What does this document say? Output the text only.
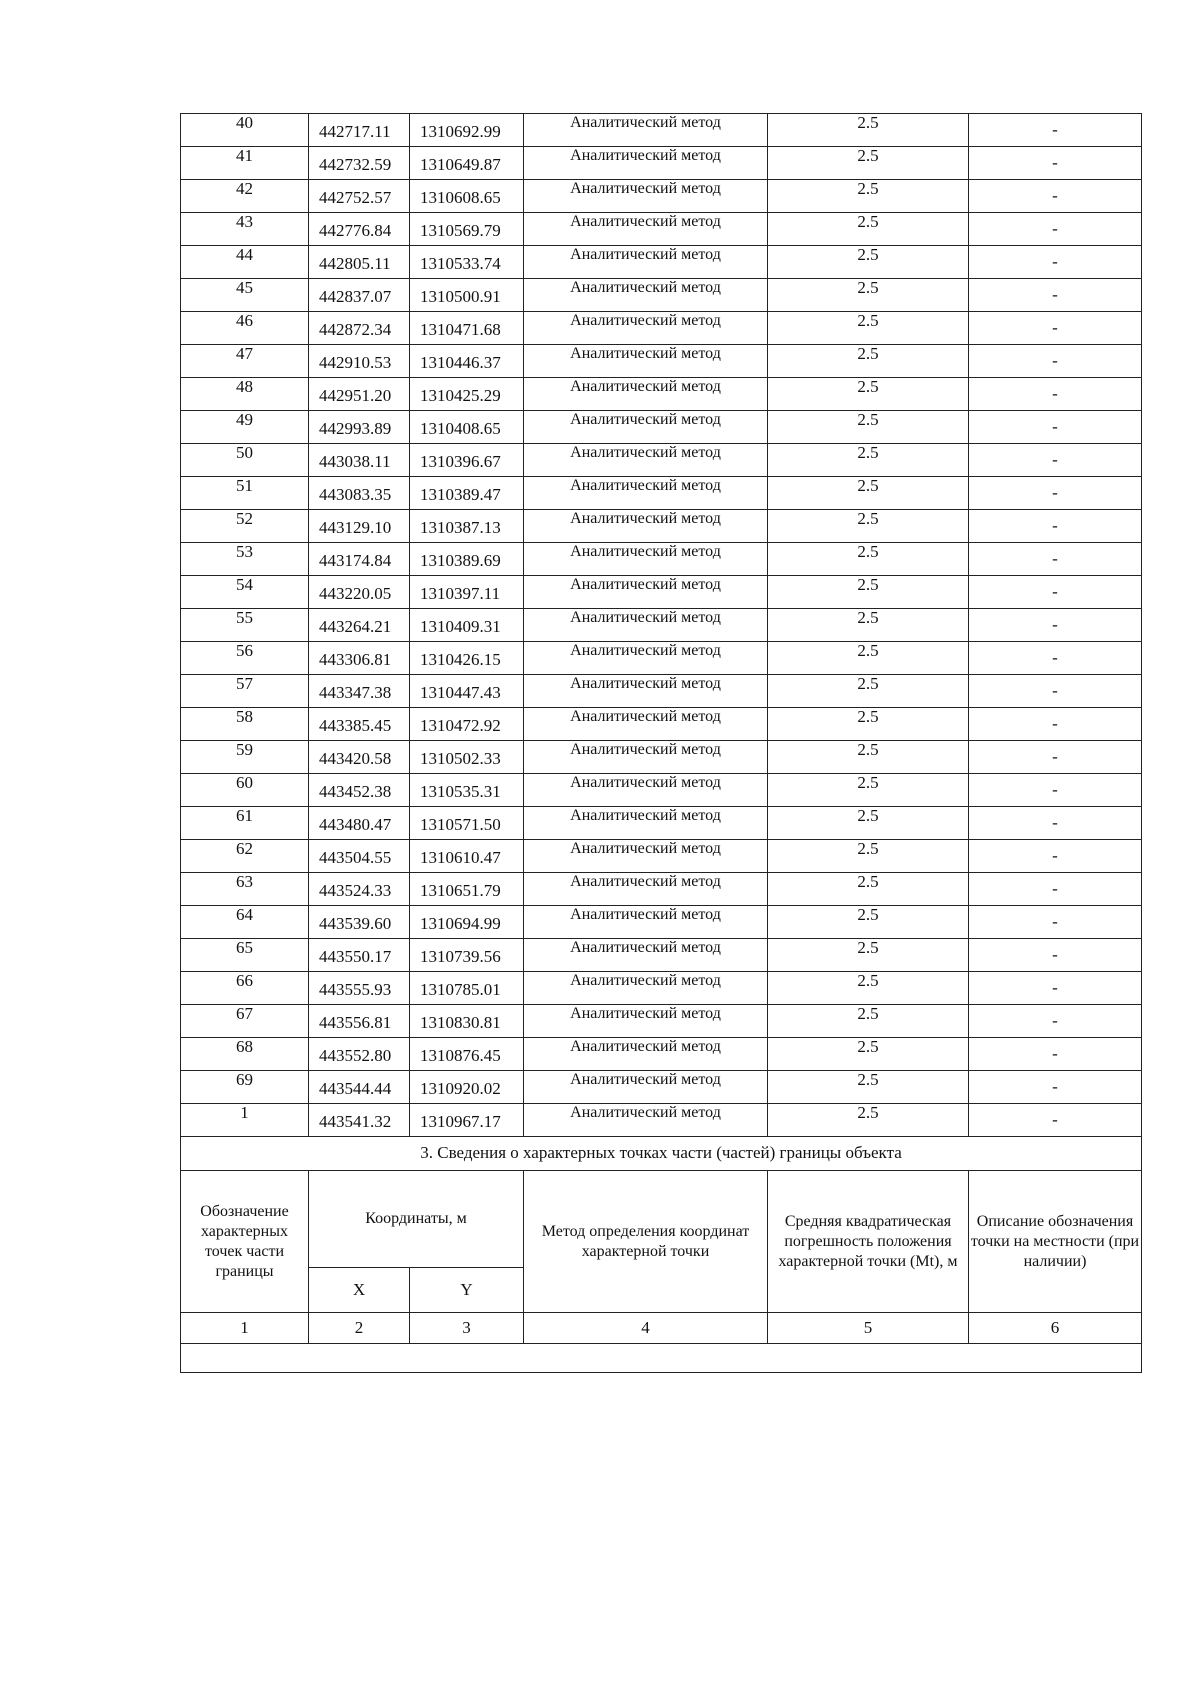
40	442717.11	1310692.99	Аналитический метод	2.5	-
41	442732.59	1310649.87	Аналитический метод	2.5	-
42	442752.57	1310608.65	Аналитический метод	2.5	-
43	442776.84	1310569.79	Аналитический метод	2.5	-
44	442805.11	1310533.74	Аналитический метод	2.5	-
45	442837.07	1310500.91	Аналитический метод	2.5	-
46	442872.34	1310471.68	Аналитический метод	2.5	-
47	442910.53	1310446.37	Аналитический метод	2.5	-
48	442951.20	1310425.29	Аналитический метод	2.5	-
49	442993.89	1310408.65	Аналитический метод	2.5	-
50	443038.11	1310396.67	Аналитический метод	2.5	-
51	443083.35	1310389.47	Аналитический метод	2.5	-
52	443129.10	1310387.13	Аналитический метод	2.5	-
53	443174.84	1310389.69	Аналитический метод	2.5	-
54	443220.05	1310397.11	Аналитический метод	2.5	-
55	443264.21	1310409.31	Аналитический метод	2.5	-
56	443306.81	1310426.15	Аналитический метод	2.5	-
57	443347.38	1310447.43	Аналитический метод	2.5	-
58	443385.45	1310472.92	Аналитический метод	2.5	-
59	443420.58	1310502.33	Аналитический метод	2.5	-
60	443452.38	1310535.31	Аналитический метод	2.5	-
61	443480.47	1310571.50	Аналитический метод	2.5	-
62	443504.55	1310610.47	Аналитический метод	2.5	-
63	443524.33	1310651.79	Аналитический метод	2.5	-
64	443539.60	1310694.99	Аналитический метод	2.5	-
65	443550.17	1310739.56	Аналитический метод	2.5	-
66	443555.93	1310785.01	Аналитический метод	2.5	-
67	443556.81	1310830.81	Аналитический метод	2.5	-
68	443552.80	1310876.45	Аналитический метод	2.5	-
69	443544.44	1310920.02	Аналитический метод	2.5	-
1	443541.32	1310967.17	Аналитический метод	2.5	-
3. Сведения о характерных точках части (частей) границы объекта					
Обозначение характерных точек части границы	Координаты, м		Метод определения координат характерной точки	Средняя квадратическая погрешность положения характерной точки (Mt), м	Описание обозначения точки на местности (при наличии)
	X	Y			
1	2	3	4	5	6
